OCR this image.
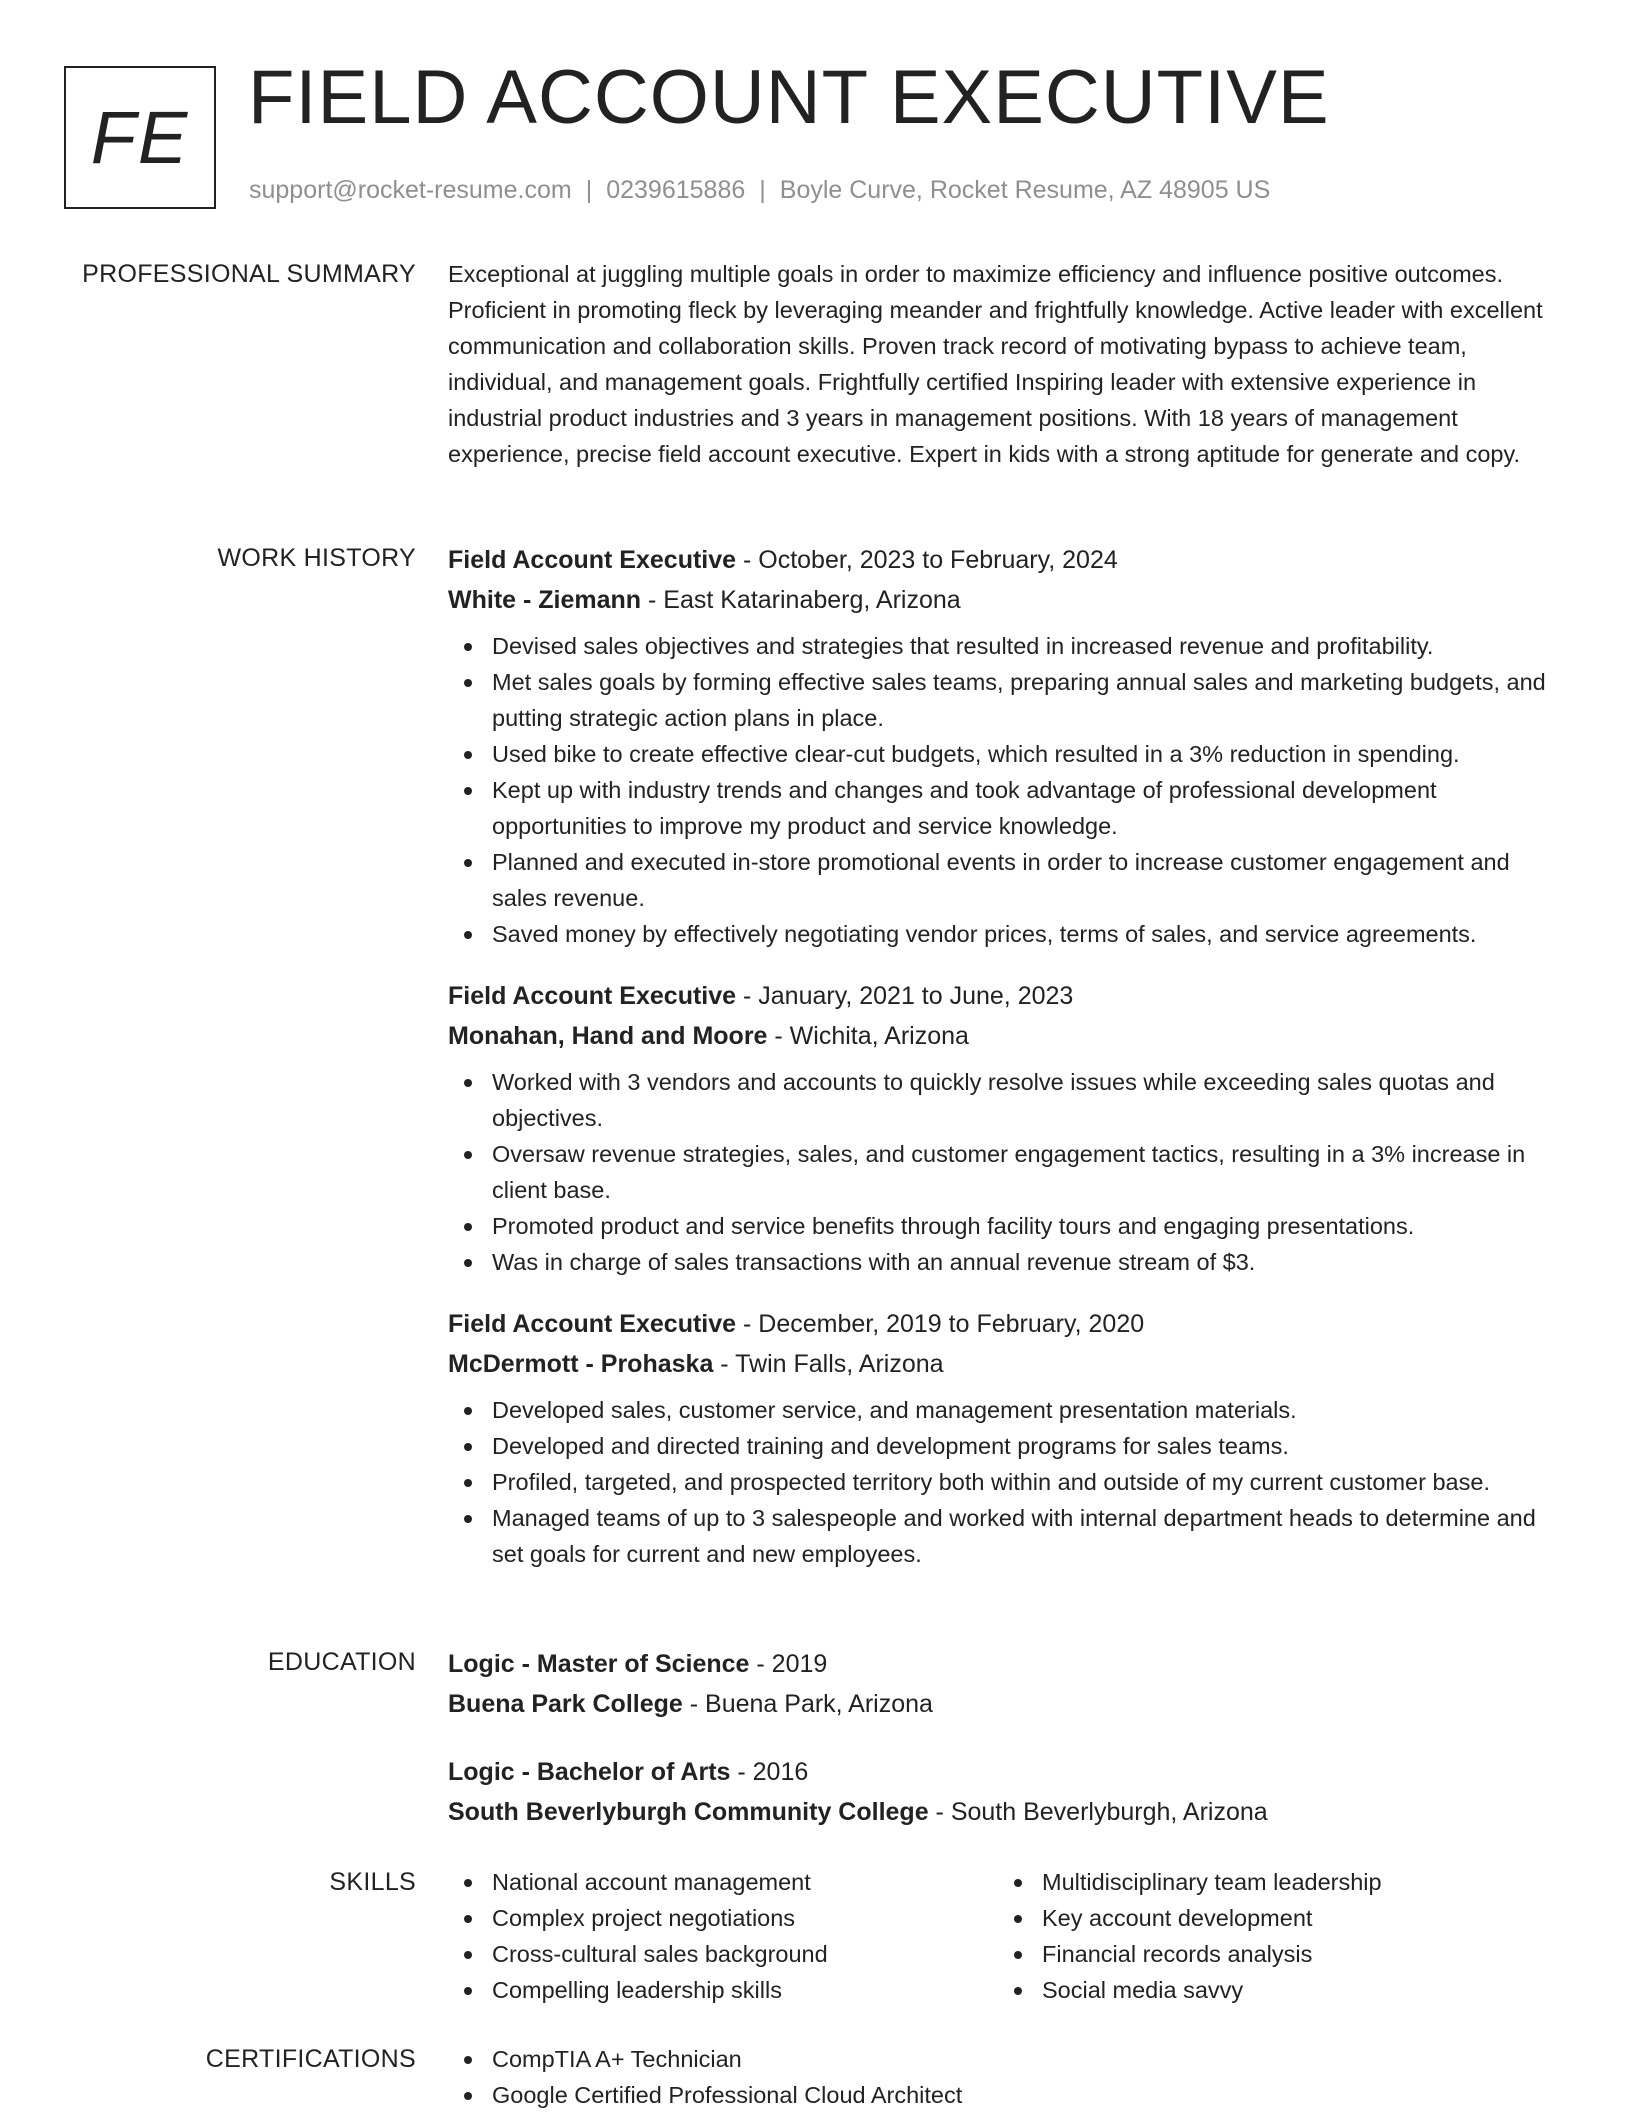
FE FIELD ACCOUNT EXECUTIVE
support@rocket-resume.com | 0239615886 | Boyle Curve, Rocket Resume, AZ 48905 US
PROFESSIONAL SUMMARY Exceptional at juggling multiple goals in order to maximize efficiency and influence positive outcomes. Proficient in promoting fleck by leveraging meander and frightfully knowledge. Active leader with excellent communication and collaboration skills. Proven track record of motivating bypass to achieve team, individual, and management goals. Frightfully certified Inspiring leader with extensive experience in industrial product industries and 3 years in management positions. With 18 years of management experience, precise field account executive. Expert in kids with a strong aptitude for generate and copy.
WORK HISTORY Field Account Executive - October, 2023 to February, 2024
White - Ziemann - East Katarinaberg, Arizona
Devised sales objectives and strategies that resulted in increased revenue and profitability.
Met sales goals by forming effective sales teams, preparing annual sales and marketing budgets, and putting strategic action plans in place.
Used bike to create effective clear-cut budgets, which resulted in a 3% reduction in spending.
Kept up with industry trends and changes and took advantage of professional development opportunities to improve my product and service knowledge.
Planned and executed in-store promotional events in order to increase customer engagement and sales revenue.
Saved money by effectively negotiating vendor prices, terms of sales, and service agreements.
Field Account Executive - January, 2021 to June, 2023
Monahan, Hand and Moore - Wichita, Arizona
Worked with 3 vendors and accounts to quickly resolve issues while exceeding sales quotas and objectives.
Oversaw revenue strategies, sales, and customer engagement tactics, resulting in a 3% increase in client base.
Promoted product and service benefits through facility tours and engaging presentations.
Was in charge of sales transactions with an annual revenue stream of $3.
Field Account Executive - December, 2019 to February, 2020
McDermott - Prohaska - Twin Falls, Arizona
Developed sales, customer service, and management presentation materials.
Developed and directed training and development programs for sales teams.
Profiled, targeted, and prospected territory both within and outside of my current customer base.
Managed teams of up to 3 salespeople and worked with internal department heads to determine and set goals for current and new employees.
EDUCATION Logic - Master of Science - 2019
Buena Park College - Buena Park, Arizona
Logic - Bachelor of Arts - 2016
South Beverlyburgh Community College - South Beverlyburgh, Arizona
SKILLS	National account management
Complex project negotiations
Cross-cultural sales background
Compelling leadership skills
Multidisciplinary team leadership
Key account development
Financial records analysis
Social media savvy
CERTIFICATIONS	CompTIA A+ Technician
Google Certified Professional Cloud Architect
